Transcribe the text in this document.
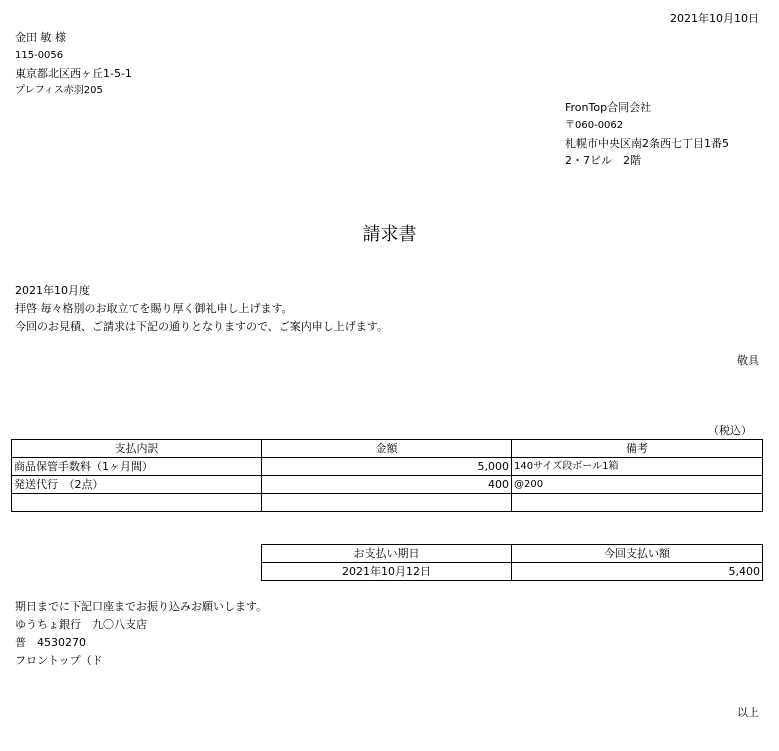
2021年10月10日
金田 敏 様
115-0056
東京都北区西ヶ丘1-5-1
プレフィス赤羽205
FronTop合同会社
〒060-0062
札幌市中央区南2条西七丁目1番5
2・7ビル　2階
請求書
2021年10月度
拝啓 毎々格別のお取立てを賜り厚く御礼申し上げます。
今回のお見積、ご請求は下記の通りとなりますので、ご案内申し上げます。
敬具
（税込）
支払内訳	金額	備考
商品保管手数料（1ヶ月間）	5,000	140サイズ段ボール1箱
発送代行　（2点）	400	@200

お支払い期日	今回支払い額
2021年10月12日	5,400
期日までに下記口座までお振り込みお願いします。
ゆうちょ銀行　九〇八支店
普　4530270
フロントップ（ド
以上
